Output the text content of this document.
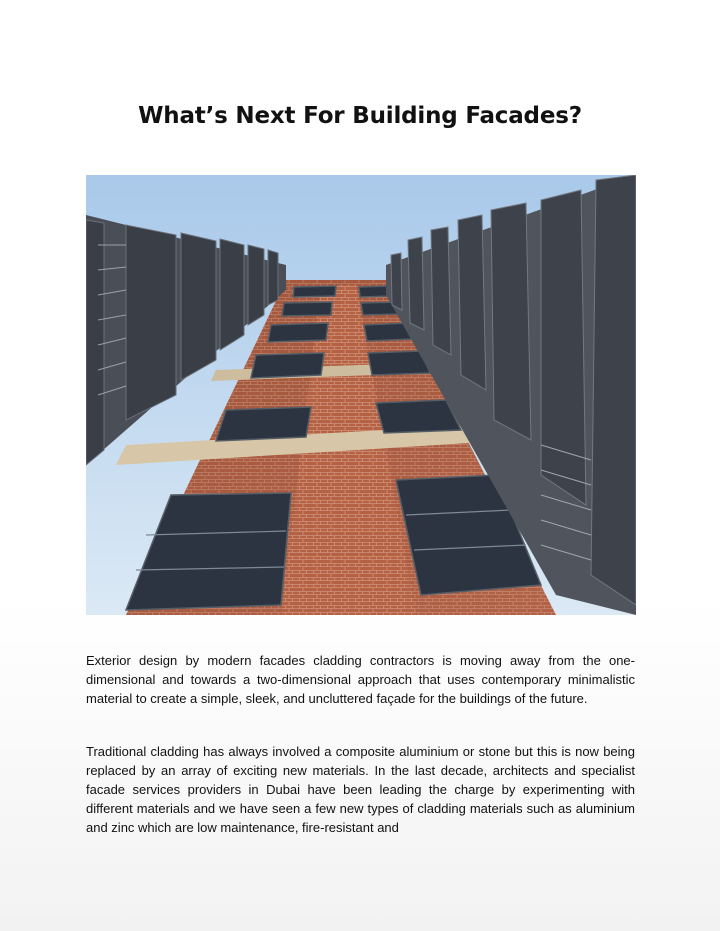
What’s Next For Building Facades?

Exterior design by modern facades cladding contractors is moving away from the one-dimensional and towards a two-dimensional approach that uses contemporary minimalistic material to create a simple, sleek, and uncluttered façade for the buildings of the future.

Traditional cladding has always involved a composite aluminium or stone but this is now being replaced by an array of exciting new materials. In the last decade, architects and specialist facade services providers in Dubai have been leading the charge by experimenting with different materials and we have seen a few new types of cladding materials such as aluminium and zinc which are low maintenance, fire-resistant and
